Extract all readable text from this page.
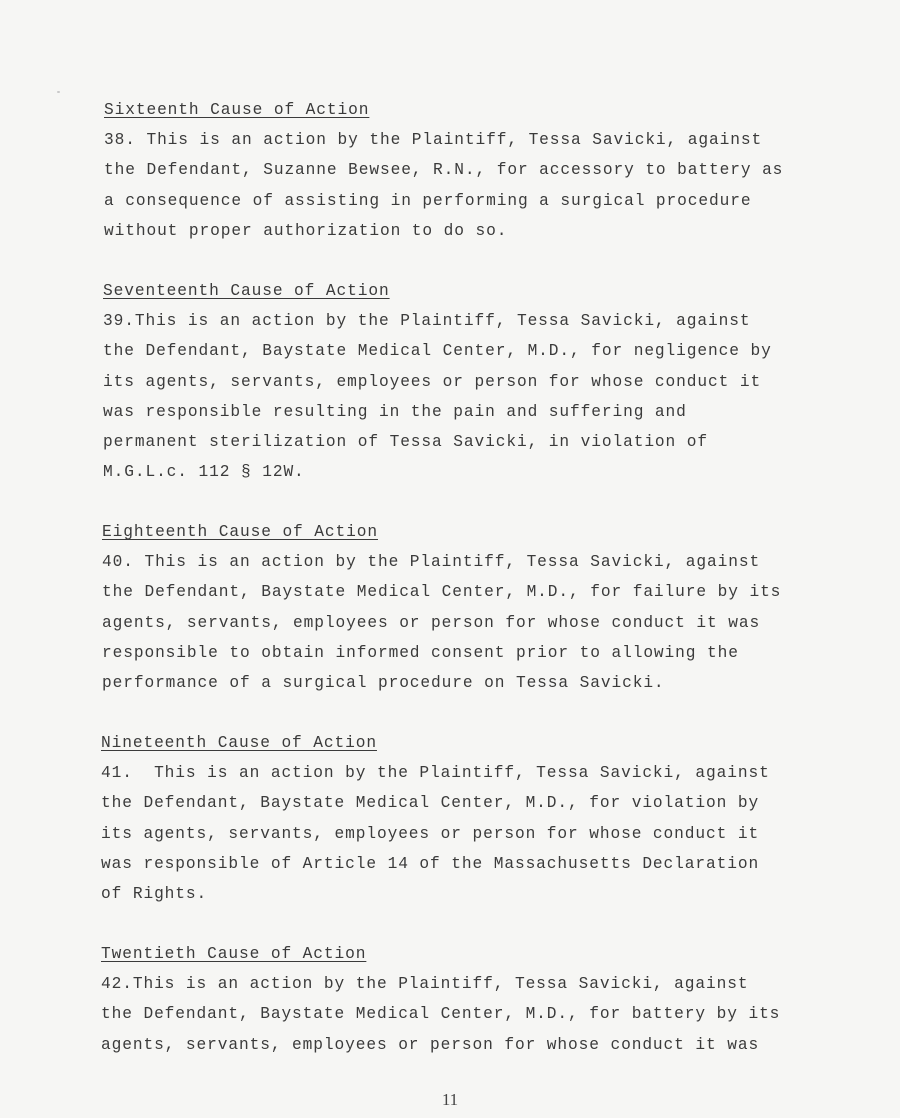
Sixteenth Cause of Action
38. This is an action by the Plaintiff, Tessa Savicki, against
the Defendant, Suzanne Bewsee, R.N., for accessory to battery as
a consequence of assisting in performing a surgical procedure
without proper authorization to do so.
Seventeenth Cause of Action
39.This is an action by the Plaintiff, Tessa Savicki, against
the Defendant, Baystate Medical Center, M.D., for negligence by
its agents, servants, employees or person for whose conduct it
was responsible resulting in the pain and suffering and
permanent sterilization of Tessa Savicki, in violation of
M.G.L.c. 112 § 12W.
Eighteenth Cause of Action
40. This is an action by the Plaintiff, Tessa Savicki, against
the Defendant, Baystate Medical Center, M.D., for failure by its
agents, servants, employees or person for whose conduct it was
responsible to obtain informed consent prior to allowing the
performance of a surgical procedure on Tessa Savicki.
Nineteenth Cause of Action
41.  This is an action by the Plaintiff, Tessa Savicki, against
the Defendant, Baystate Medical Center, M.D., for violation by
its agents, servants, employees or person for whose conduct it
was responsible of Article 14 of the Massachusetts Declaration
of Rights.
Twentieth Cause of Action
42.This is an action by the Plaintiff, Tessa Savicki, against
the Defendant, Baystate Medical Center, M.D., for battery by its
agents, servants, employees or person for whose conduct it was
11
